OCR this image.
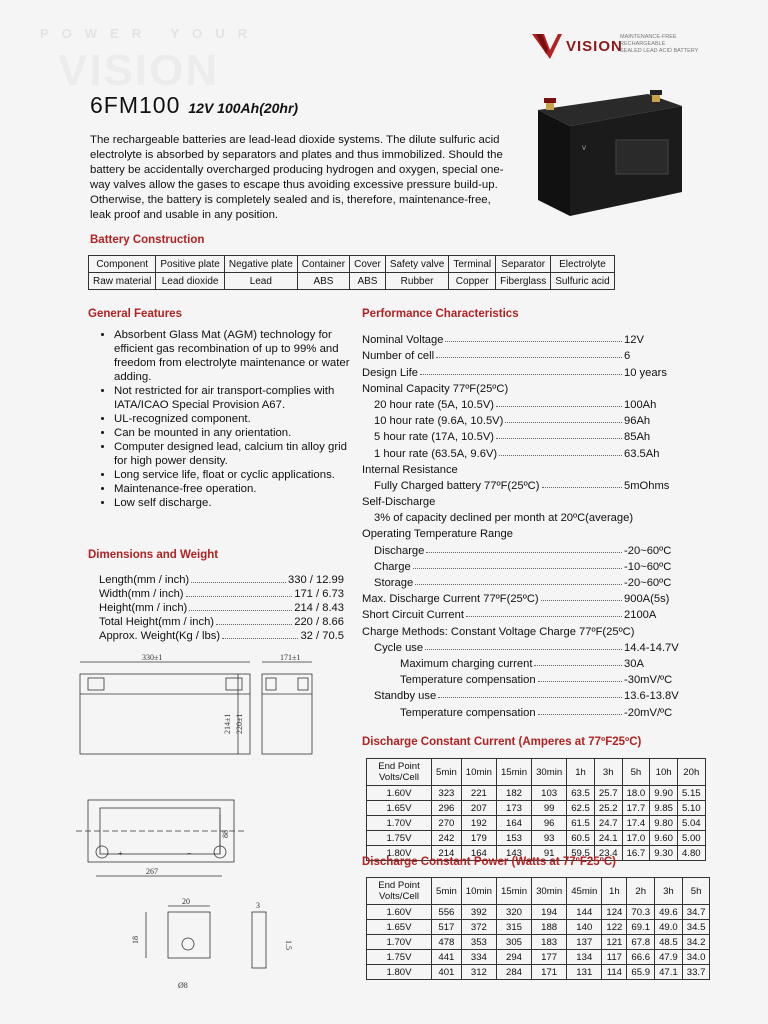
POWER YOUR
VISION	VISION
MAINTENANCE-FREE
RECHARGEABLE
SEALED LEAD ACID BATTERY
6FM100 12V 100Ah(20hr)
The rechargeable batteries are lead-lead dioxide systems. The dilute sulfuric acid electrolyte is absorbed by separators and plates and thus immobilized. Should the battery be accidentally overcharged producing hydrogen and oxygen, special one-way valves allow the gases to escape thus avoiding excessive pressure build-up. Otherwise, the battery is completely sealed and is, therefore, maintenance-free, leak proof and usable in any position.
V
Battery Construction
Component	Positive plate	Negative plate	Container	Cover	Safety valve	Terminal	Separator	Electrolyte
Raw material	Lead dioxide	Lead	ABS	ABS	Rubber	Copper	Fiberglass	Sulfuric acid
General Features
• Absorbent Glass Mat (AGM) technology for efficient gas recombination of up to 99% and freedom from electrolyte maintenance or water adding.
• Not restricted for air transport-complies with IATA/ICAO Special Provision A67.
• UL-recognized component.
• Can be mounted in any orientation.
• Computer designed lead, calcium tin alloy grid for high power density.
• Long service life, float or cyclic applications.
• Maintenance-free operation.
• Low self discharge.
Dimensions and Weight
Length(mm / inch)	330 / 12.99
Width(mm / inch)	171 / 6.73
Height(mm / inch)	214 / 8.43
Total Height(mm / inch)	220 / 8.66
Approx. Weight(Kg / lbs)	32 / 70.5
330±1
214±1 220±1
171±1
+	−
88
267
20
18
Ø8
3
1.5
Performance Characteristics
Nominal Voltage	12V
Number of cell	6
Design Life	10 years
Nominal Capacity 77ºF(25ºC)
20 hour rate (5A, 10.5V)	100Ah
10 hour rate (9.6A, 10.5V)	96Ah
5 hour rate (17A, 10.5V)	85Ah
1 hour rate (63.5A, 9.6V)	63.5Ah
Internal Resistance
Fully Charged battery 77ºF(25ºC)	5mOhms
Self-Discharge
3% of capacity declined per month at 20ºC(average)
Operating Temperature Range
Discharge	-20~60ºC
Charge	-10~60ºC
Storage	-20~60ºC
Max. Discharge Current 77ºF(25ºC)	900A(5s)
Short Circuit Current	2100A
Charge Methods: Constant Voltage Charge 77ºF(25ºC)
Cycle use	14.4-14.7V
Maximum charging current	30A
Temperature compensation	-30mV/ºC
Standby use	13.6-13.8V
Temperature compensation	-20mV/ºC
Discharge Constant Current (Amperes at 77ºF25ºC)
End Point Volts/Cell	5min	10min	15min	30min	1h	3h	5h	10h	20h
1.60V	323	221	182	103	63.5	25.7	18.0	9.90	5.15
1.65V	296	207	173	99	62.5	25.2	17.7	9.85	5.10
1.70V	270	192	164	96	61.5	24.7	17.4	9.80	5.04
1.75V	242	179	153	93	60.5	24.1	17.0	9.60	5.00
1.80V	214	164	143	91	59.5	23.4	16.7	9.30	4.80
Discharge Constant Power (Watts at 77ºF25ºC)
End Point Volts/Cell	5min	10min	15min	30min	45min	1h	2h	3h	5h
1.60V	556	392	320	194	144	124	70.3	49.6	34.7
1.65V	517	372	315	188	140	122	69.1	49.0	34.5
1.70V	478	353	305	183	137	121	67.8	48.5	34.2
1.75V	441	334	294	177	134	117	66.6	47.9	34.0
1.80V	401	312	284	171	131	114	65.9	47.1	33.7
